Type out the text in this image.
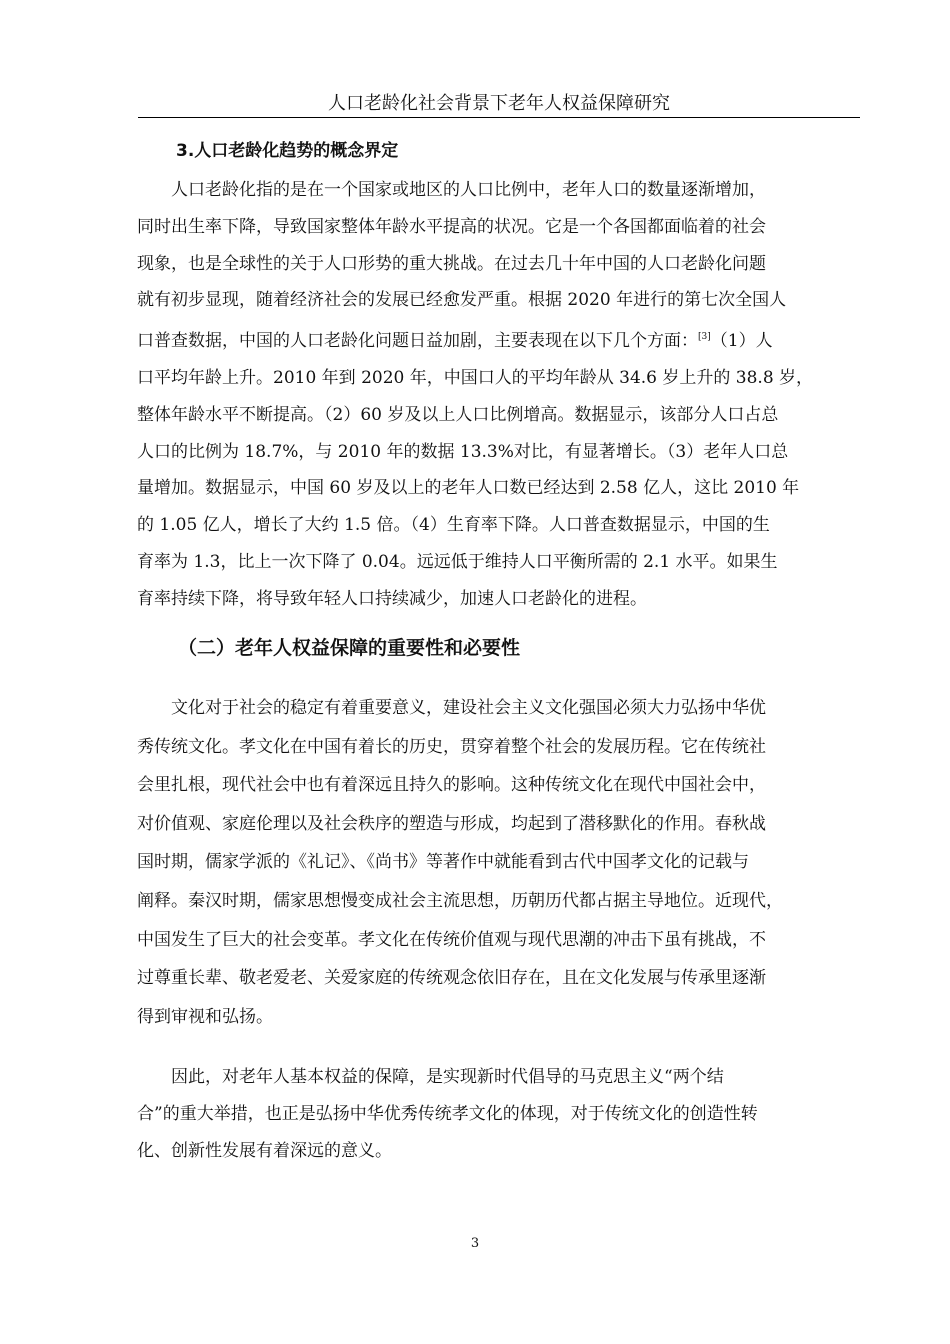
人口老龄化社会背景下老年人权益保障研究
3.人口老龄化趋势的概念界定
　　人口老龄化指的是在一个国家或地区的人口比例中，老年人口的数量逐渐增加，
同时出生率下降，导致国家整体年龄水平提高的状况。它是一个各国都面临着的社会
现象，也是全球性的关于人口形势的重大挑战。在过去几十年中国的人口老龄化问题
就有初步显现，随着经济社会的发展已经愈发严重。根据 2020 年进行的第七次全国人
口普查数据，中国的人口老龄化问题日益加剧，主要表现在以下几个方面：[3]（1）人
口平均年龄上升。2010 年到 2020 年，中国口人的平均年龄从 34.6 岁上升的 38.8 岁，
整体年龄水平不断提高。（2）60 岁及以上人口比例增高。数据显示，该部分人口占总
人口的比例为 18.7%，与 2010 年的数据 13.3%对比，有显著增长。（3）老年人口总
量增加。数据显示，中国 60 岁及以上的老年人口数已经达到 2.58 亿人，这比 2010 年
的 1.05 亿人，增长了大约 1.5 倍。（4）生育率下降。人口普查数据显示，中国的生
育率为 1.3，比上一次下降了 0.04。远远低于维持人口平衡所需的 2.1 水平。如果生
育率持续下降，将导致年轻人口持续减少，加速人口老龄化的进程。
（二）老年人权益保障的重要性和必要性
　　文化对于社会的稳定有着重要意义，建设社会主义文化强国必须大力弘扬中华优
秀传统文化。孝文化在中国有着长的历史，贯穿着整个社会的发展历程。它在传统社
会里扎根，现代社会中也有着深远且持久的影响。这种传统文化在现代中国社会中，
对价值观、家庭伦理以及社会秩序的塑造与形成，均起到了潜移默化的作用。春秋战
国时期，儒家学派的《礼记》、《尚书》等著作中就能看到古代中国孝文化的记载与
阐释。秦汉时期，儒家思想慢变成社会主流思想，历朝历代都占据主导地位。近现代，
中国发生了巨大的社会变革。孝文化在传统价值观与现代思潮的冲击下虽有挑战，不
过尊重长辈、敬老爱老、关爱家庭的传统观念依旧存在，且在文化发展与传承里逐渐
得到审视和弘扬。
　　因此，对老年人基本权益的保障，是实现新时代倡导的马克思主义“两个结
合”的重大举措，也正是弘扬中华优秀传统孝文化的体现，对于传统文化的创造性转
化、创新性发展有着深远的意义。
3
